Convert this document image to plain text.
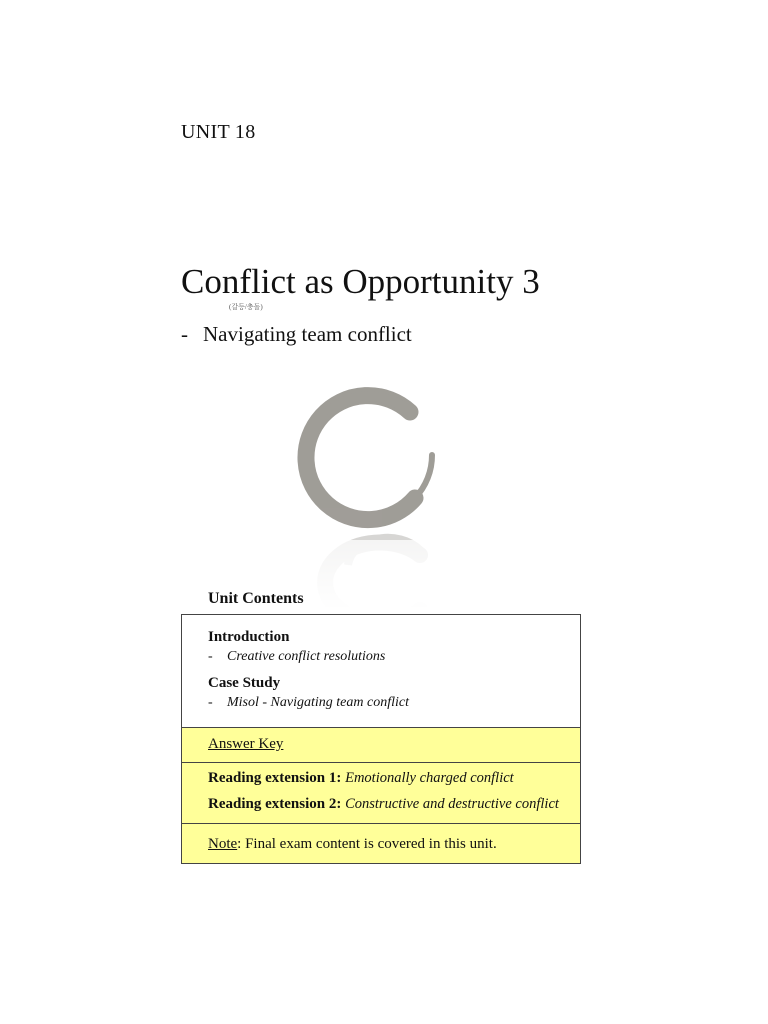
UNIT 18
Conflict as Opportunity 3
(갈등/충돌)
- Navigating team conflict
Unit Contents
Introduction
- Creative conflict resolutions
Case Study
- Misol - Navigating team conflict
Answer Key
Reading extension 1: Emotionally charged conflict
Reading extension 2: Constructive and destructive conflict
Note: Final exam content is covered in this unit.
